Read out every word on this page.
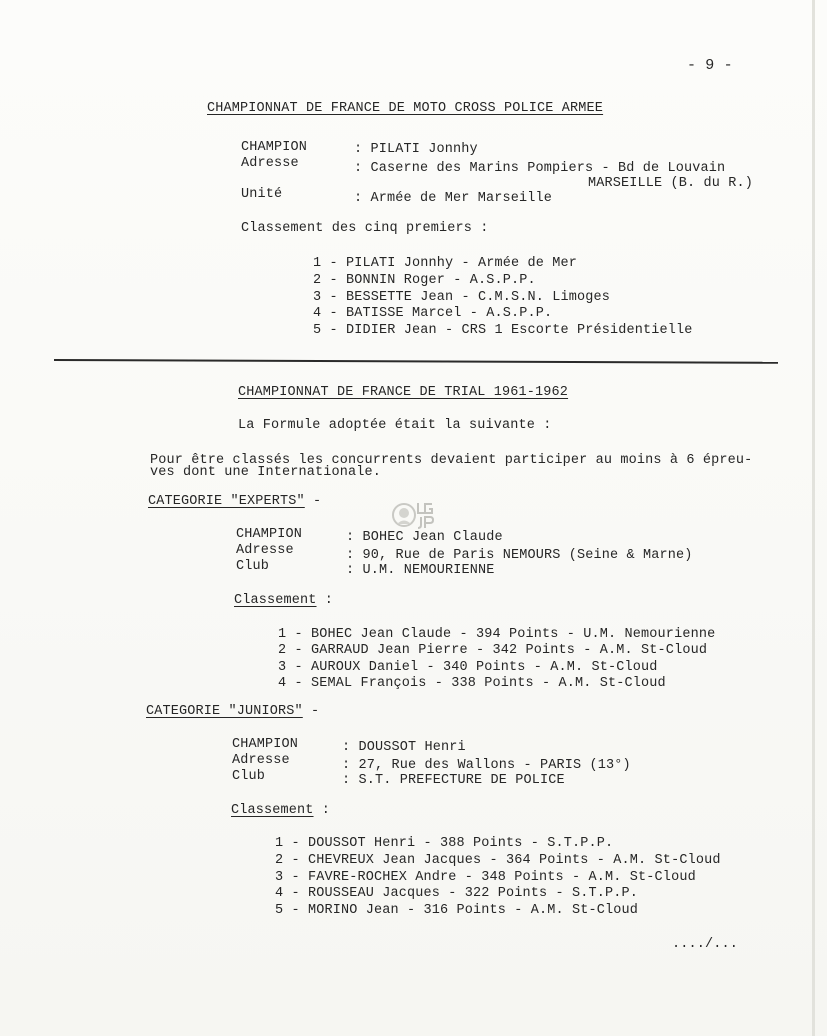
- 9 -
CHAMPIONNAT DE FRANCE DE MOTO CROSS POLICE ARMEE
CHAMPION	: PILATI Jonnhy
Adresse	: Caserne des Marins Pompiers - Bd de Louvain
MARSEILLE (B. du R.)
Unité	: Armée de Mer Marseille
Classement des cinq premiers :
1 - PILATI Jonnhy - Armée de Mer
2 - BONNIN Roger - A.S.P.P.
3 - BESSETTE Jean - C.M.S.N. Limoges
4 - BATISSE Marcel - A.S.P.P.
5 - DIDIER Jean - CRS 1 Escorte Présidentielle
CHAMPIONNAT DE FRANCE DE TRIAL 1961-1962
La Formule adoptée était la suivante :
Pour être classés les concurrents devaient participer au moins à 6 épreu-
ves dont une Internationale.
CATEGORIE "EXPERTS" -
CHAMPION	: BOHEC Jean Claude
Adresse	: 90, Rue de Paris NEMOURS (Seine & Marne)
Club	: U.M. NEMOURIENNE
Classement :
1 - BOHEC Jean Claude - 394 Points - U.M. Nemourienne
2 - GARRAUD Jean Pierre - 342 Points - A.M. St-Cloud
3 - AUROUX Daniel - 340 Points - A.M. St-Cloud
4 - SEMAL François - 338 Points - A.M. St-Cloud
CATEGORIE "JUNIORS" -
CHAMPION	: DOUSSOT Henri
Adresse	: 27, Rue des Wallons - PARIS (13°)
Club	: S.T. PREFECTURE DE POLICE
Classement :
1 - DOUSSOT Henri - 388 Points - S.T.P.P.
2 - CHEVREUX Jean Jacques - 364 Points - A.M. St-Cloud
3 - FAVRE-ROCHEX Andre - 348 Points - A.M. St-Cloud
4 - ROUSSEAU Jacques - 322 Points - S.T.P.P.
5 - MORINO Jean - 316 Points - A.M. St-Cloud
..../...
